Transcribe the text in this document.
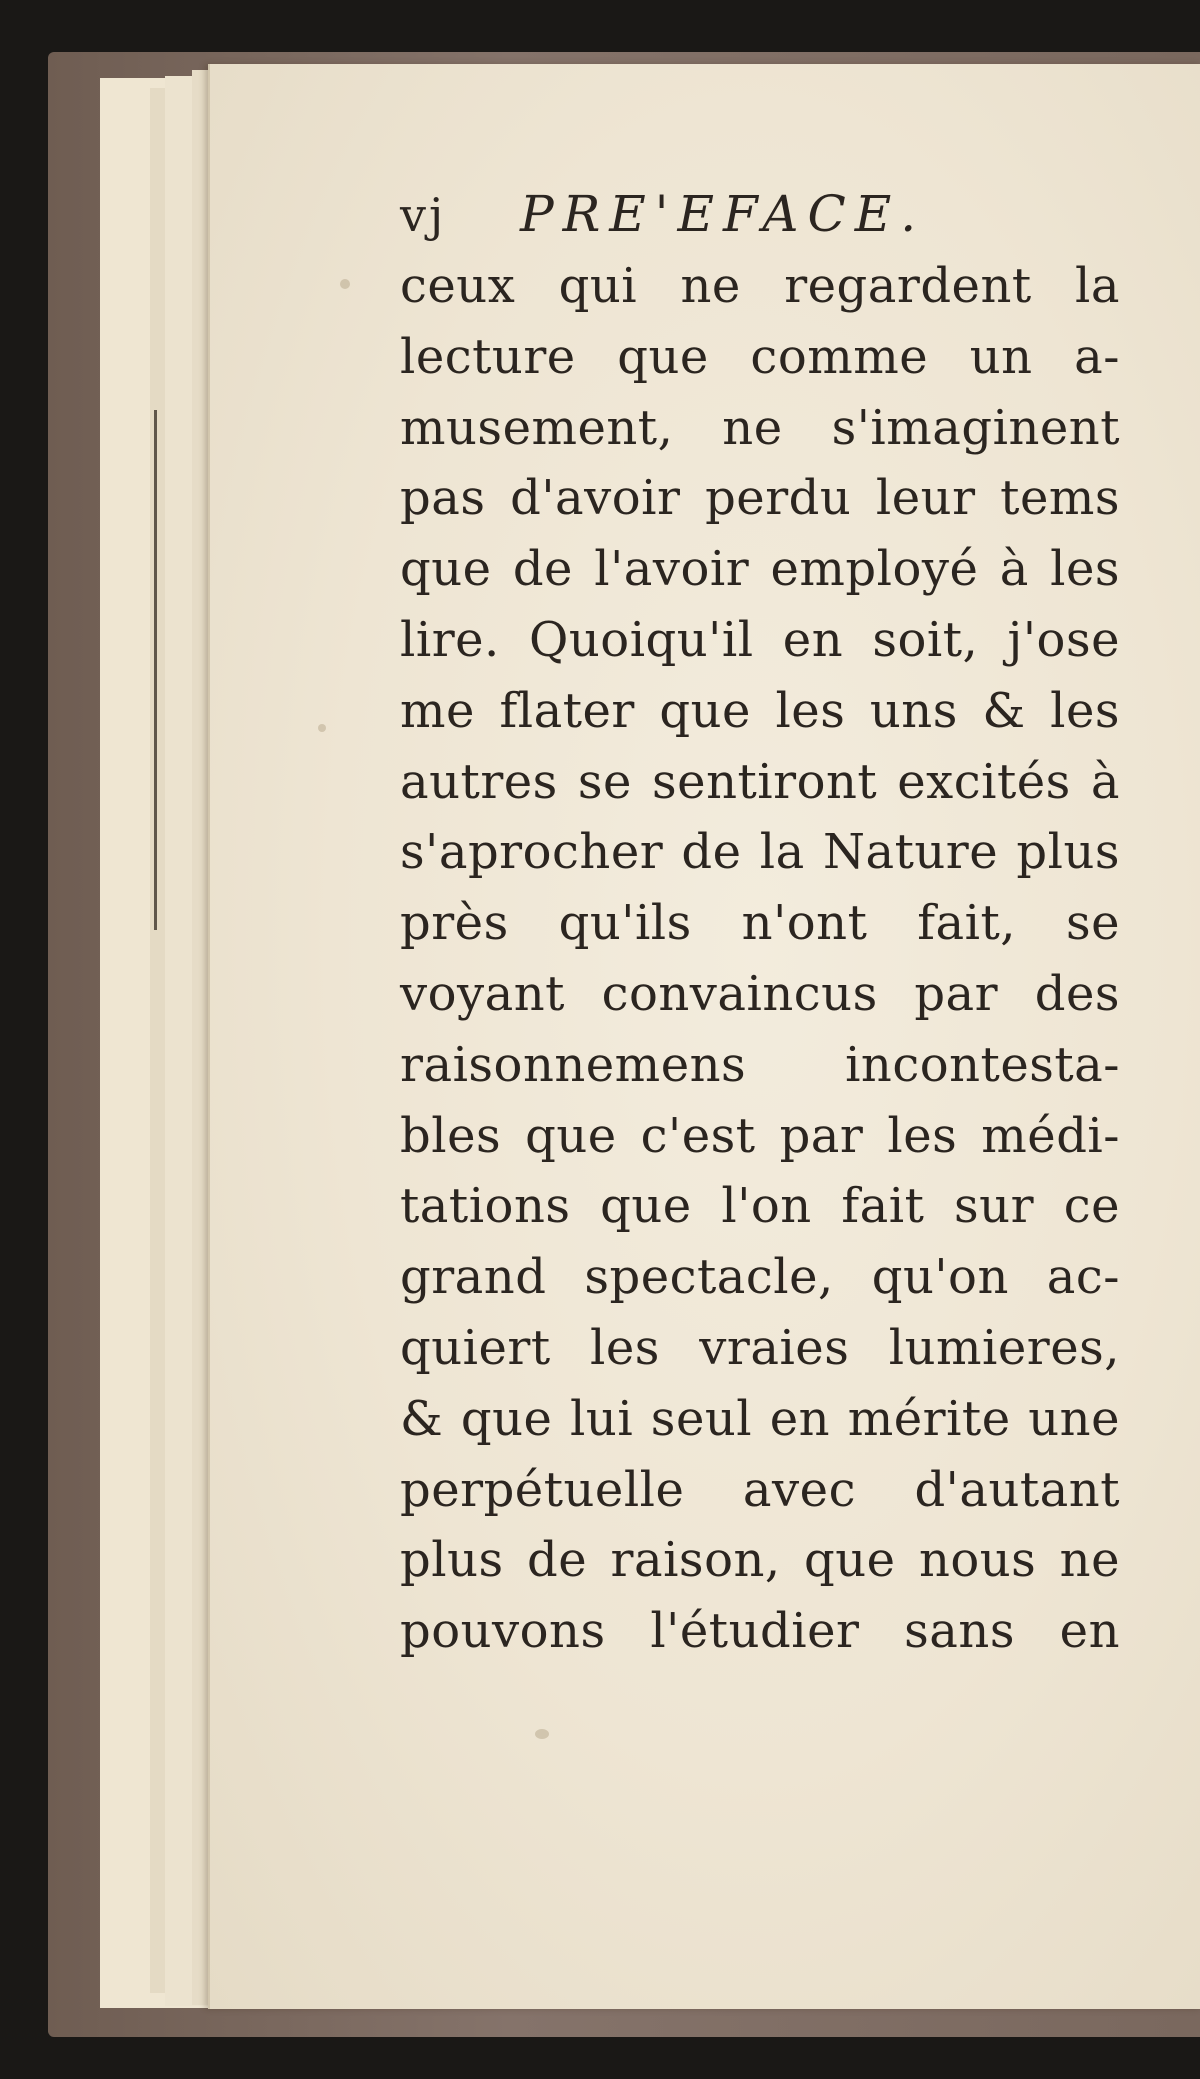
vj	PRE'EFACE.
ceux qui ne regardent la
lecture que comme un a-
musement, ne s'imaginent
pas d'avoir perdu leur tems
que de l'avoir employé à les
lire. Quoiqu'il en soit, j'ose
me flater que les uns & les
autres se sentiront excités à
s'aprocher de la Nature plus
près qu'ils n'ont fait, se
voyant convaincus par des
raisonnemens incontesta-
bles que c'est par les médi-
tations que l'on fait sur ce
grand spectacle, qu'on ac-
quiert les vraies lumieres,
& que lui seul en mérite une
perpétuelle avec d'autant
plus de raison, que nous ne
pouvons l'étudier sans en
